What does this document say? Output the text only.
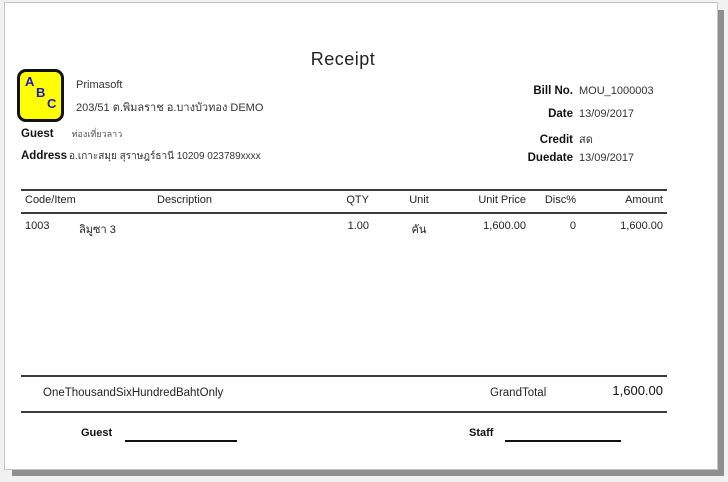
Receipt
A
B
C
Primasoft
203/51 ต.พิมลราช อ.บางบัวทอง DEMO
Guest ท่องเที่ยวลาว
Address อ.เกาะสมุย สุราษฎร์ธานี 10209 023789xxxx
Bill No. MOU_1000003
Date 13/09/2017
Credit สด
Duedate 13/09/2017
Code/Item	Description	QTY	Unit	Unit Price	Disc%	Amount
1003	ลิมูซา 3	1.00	คัน	1,600.00	0	1,600.00
OneThousandSixHundredBahtOnly	GrandTotal	1,600.00
Guest	Staff
